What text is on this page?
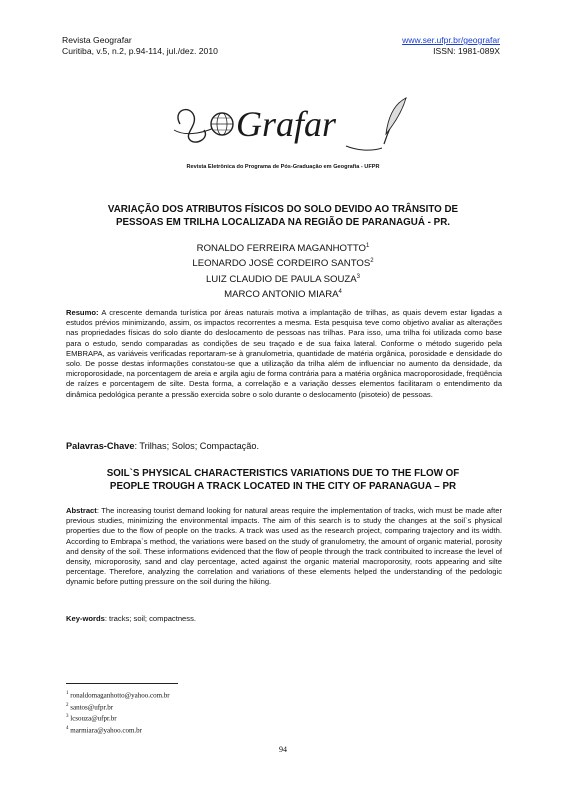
Revista Geografar
Curitiba, v.5, n.2, p.94-114, jul./dez. 2010
www.ser.ufpr.br/geografar
ISSN: 1981-089X
Grafar
Revista Eletrônica do Programa de Pós-Graduação em Geografia - UFPR
VARIAÇÃO DOS ATRIBUTOS FÍSICOS DO SOLO DEVIDO AO TRÂNSITO DE
PESSOAS EM TRILHA LOCALIZADA NA REGIÃO DE PARANAGUÁ - PR.
RONALDO FERREIRA MAGANHOTTO$^1$
LEONARDO JOSÉ CORDEIRO SANTOS$^2$
LUIZ CLAUDIO DE PAULA SOUZA$^3$
MARCO ANTONIO MIARA$^4$
Resumo: A crescente demanda turística por áreas naturais motiva a implantação de trilhas, as quais devem estar ligadas a estudos prévios minimizando, assim, os impactos recorrentes a mesma. Esta pesquisa teve como objetivo avaliar as alterações nas propriedades físicas do solo diante do deslocamento de pessoas nas trilhas. Para isso, uma trilha foi utilizada como base para o estudo, sendo comparadas as condições de seu traçado e de sua faixa lateral. Conforme o método sugerido pela EMBRAPA, as variáveis verificadas reportaram-se à granulometria, quantidade de matéria orgânica, porosidade e densidade do solo. De posse destas informações constatou-se que a utilização da trilha além de influenciar no aumento da densidade, da microporosidade, na porcentagem de areia e argila agiu de forma contrária para a matéria orgânica macroporosidade, freqüência de raízes e porcentagem de silte. Desta forma, a correlação e a variação desses elementos facilitaram o entendimento da dinâmica pedológica perante a pressão exercida sobre o solo durante o deslocamento (pisoteio) de pessoas.
Palavras-Chave: Trilhas; Solos; Compactação.
SOIL`S PHYSICAL CHARACTERISTICS VARIATIONS DUE TO THE FLOW OF
PEOPLE TROUGH A TRACK LOCATED IN THE CITY OF PARANAGUA – PR
Abstract: The increasing tourist demand looking for natural areas require the implementation of tracks, wich must be made after previous studies, minimizing the environmental impacts. The aim of this search is to study the changes at the soil`s physical properties due to the flow of people on the tracks. A track was used as the research project, comparing trajectory and its width. According to Embrapa`s method, the variations were based on the study of granulometry, the amount of organic material, porosity and density of the soil. These informations evidenced that the flow of people through the track contribuited to increase the level of density, microporosity, sand and clay percentage, acted against the organic material macroporosity, roots appearing and silte percentage. Therefore, analyzing the correlation and variations of these elements helped the understanding of the pedologic dynamic before putting pressure on the soil during the hiking.
Key-words: tracks; soil; compactness.
$^1$ ronaldomaganhotto@yahoo.com.br
$^2$ santos@ufpr.br
$^3$ lcsouza@ufpr.br
$^4$ marmiara@yahoo.com.br
94
